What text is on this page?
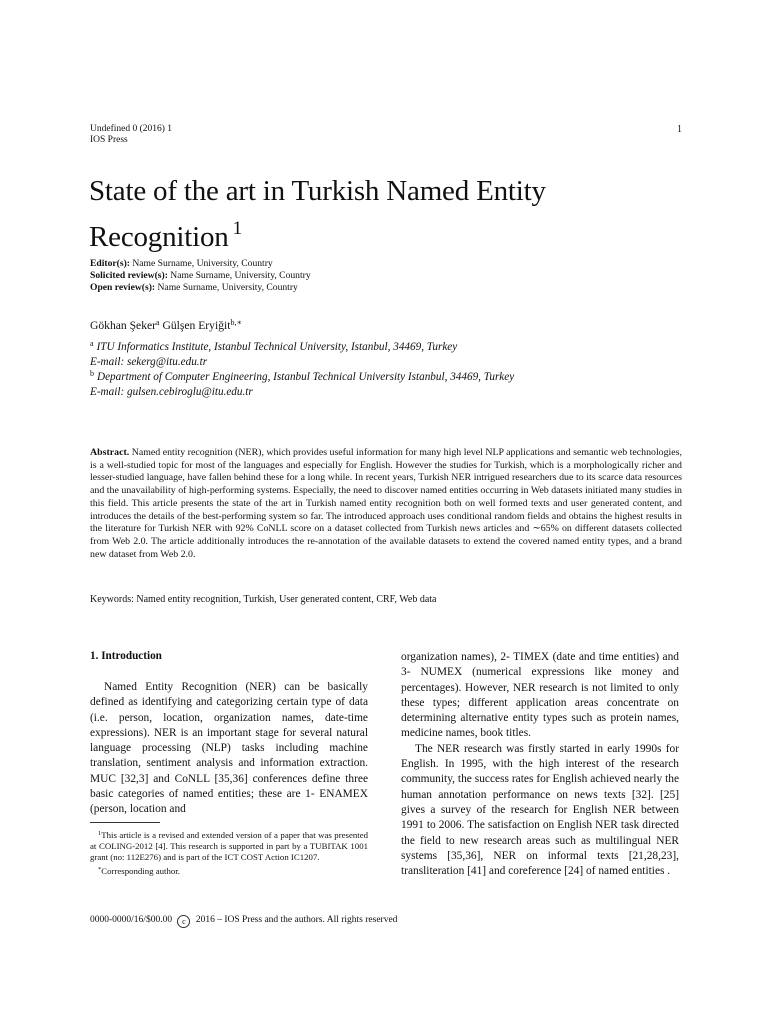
Undefined 0 (2016) 1
IOS Press
1
State of the art in Turkish Named Entity Recognition $^1$
Editor(s): Name Surname, University, Country
Solicited review(s): Name Surname, University, Country
Open review(s): Name Surname, University, Country
Gökhan Şeker$^a$ Gülşen Eryiğit$^{b,∗}$
$^a$ ITU Informatics Institute, Istanbul Technical University, Istanbul, 34469, Turkey
E-mail: sekerg@itu.edu.tr
$^b$ Department of Computer Engineering, Istanbul Technical University Istanbul, 34469, Turkey
E-mail: gulsen.cebiroglu@itu.edu.tr
Abstract. Named entity recognition (NER), which provides useful information for many high level NLP applications and semantic web technologies, is a well-studied topic for most of the languages and especially for English. However the studies for Turkish, which is a morphologically richer and lesser-studied language, have fallen behind these for a long while. In recent years, Turkish NER intrigued researchers due to its scarce data resources and the unavailability of high-performing systems. Especially, the need to discover named entities occurring in Web datasets initiated many studies in this field. This article presents the state of the art in Turkish named entity recognition both on well formed texts and user generated content, and introduces the details of the best-performing system so far. The introduced approach uses conditional random fields and obtains the highest results in the literature for Turkish NER with 92% CoNLL score on a dataset collected from Turkish news articles and ∼65% on different datasets collected from Web 2.0. The article additionally introduces the re-annotation of the available datasets to extend the covered named entity types, and a brand new dataset from Web 2.0.
Keywords: Named entity recognition, Turkish, User generated content, CRF, Web data
1. Introduction

Named Entity Recognition (NER) can be basically defined as identifying and categorizing certain type of data (i.e. person, location, organization names, date-time expressions). NER is an important stage for several natural language processing (NLP) tasks including machine translation, sentiment analysis and information extraction. MUC [32,3] and CoNLL [35,36] conferences define three basic categories of named entities; these are 1- ENAMEX (person, location and

organization names), 2- TIMEX (date and time entities) and 3- NUMEX (numerical expressions like money and percentages). However, NER research is not limited to only these types; different application areas concentrate on determining alternative entity types such as protein names, medicine names, book titles.

The NER research was firstly started in early 1990s for English. In 1995, with the high interest of the research community, the success rates for English achieved nearly the human annotation performance on news texts [32]. [25] gives a survey of the research for English NER between 1991 to 2006. The satisfaction on English NER task directed the field to new research areas such as multilingual NER systems [35,36], NER on informal texts [21,28,23], transliteration [41] and coreference [24] of named entities .

$^1$This article is a revised and extended version of a paper that was presented at COLING-2012 [4]. This research is supported in part by a TUBITAK 1001 grant (no: 112E276) and is part of the ICT COST Action IC1207.
*Corresponding author.
0000-0000/16/$00.00 c 2016 – IOS Press and the authors. All rights reserved
